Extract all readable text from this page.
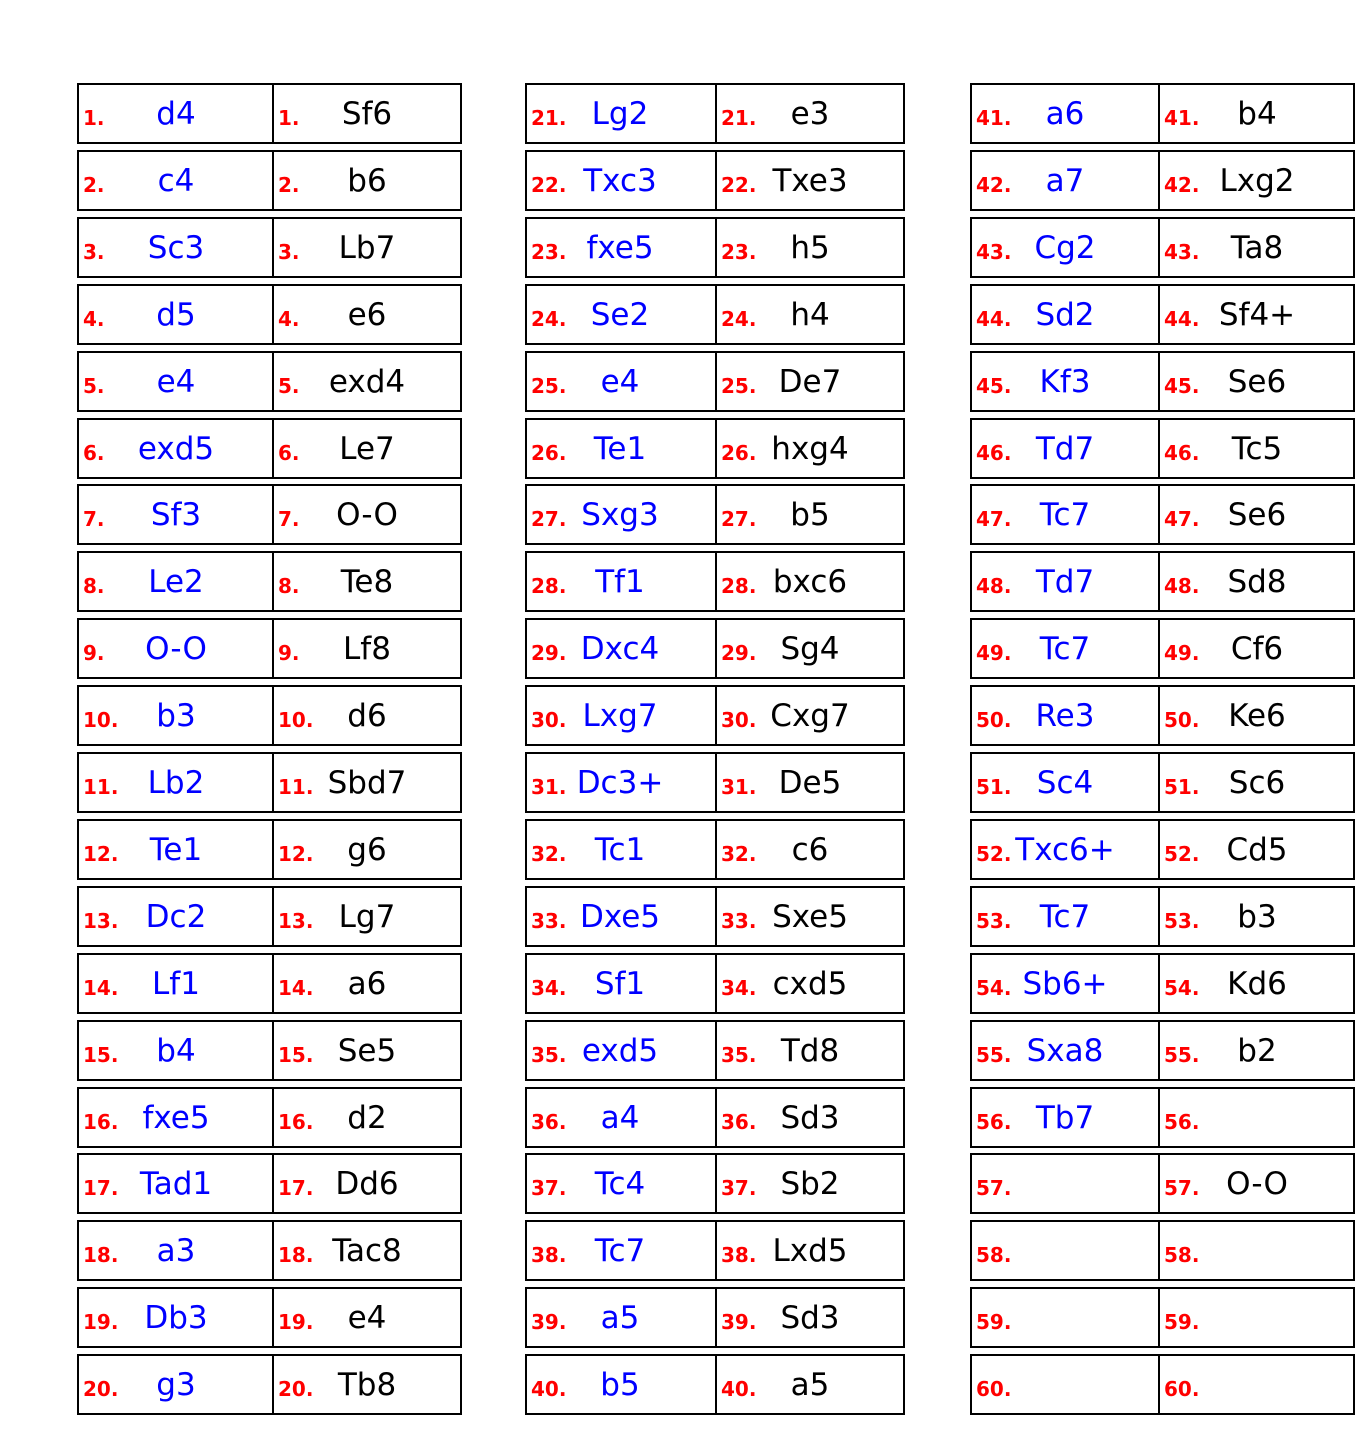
1. d4	1. Sf6
2. c4	2. b6
3. Sc3	3. Lb7
4. d5	4. e6
5. e4	5. exd4
6. exd5	6. Le7
7. Sf3	7. O-O
8. Le2	8. Te8
9. O-O	9. Lf8
10. b3	10. d6
11. Lb2	11. Sbd7
12. Te1	12. g6
13. Dc2	13. Lg7
14. Lf1	14. a6
15. b4	15. Se5
16. fxe5	16. d2
17. Tad1	17. Dd6
18. a3	18. Tac8
19. Db3	19. e4
20. g3	20. Tb8
21. Lg2	21. e3
22. Txc3	22. Txe3
23. fxe5	23. h5
24. Se2	24. h4
25. e4	25. De7
26. Te1	26. hxg4
27. Sxg3	27. b5
28. Tf1	28. bxc6
29. Dxc4	29. Sg4
30. Lxg7	30. Cxg7
31. Dc3+	31. De5
32. Tc1	32. c6
33. Dxe5	33. Sxe5
34. Sf1	34. cxd5
35. exd5	35. Td8
36. a4	36. Sd3
37. Tc4	37. Sb2
38. Tc7	38. Lxd5
39. a5	39. Sd3
40. b5	40. a5
41. a6	41. b4
42. a7	42. Lxg2
43. Cg2	43. Ta8
44. Sd2	44. Sf4+
45. Kf3	45. Se6
46. Td7	46. Tc5
47. Tc7	47. Se6
48. Td7	48. Sd8
49. Tc7	49. Cf6
50. Re3	50. Ke6
51. Sc4	51. Sc6
52. Txc6+ 52. Cd5
53. Tc7	53. b3
54. Sb6+	54. Kd6
55. Sxa8	55. b2
56. Tb7	56.
57.	57. O-O
58.	58.
59.	59.
60.	60.
